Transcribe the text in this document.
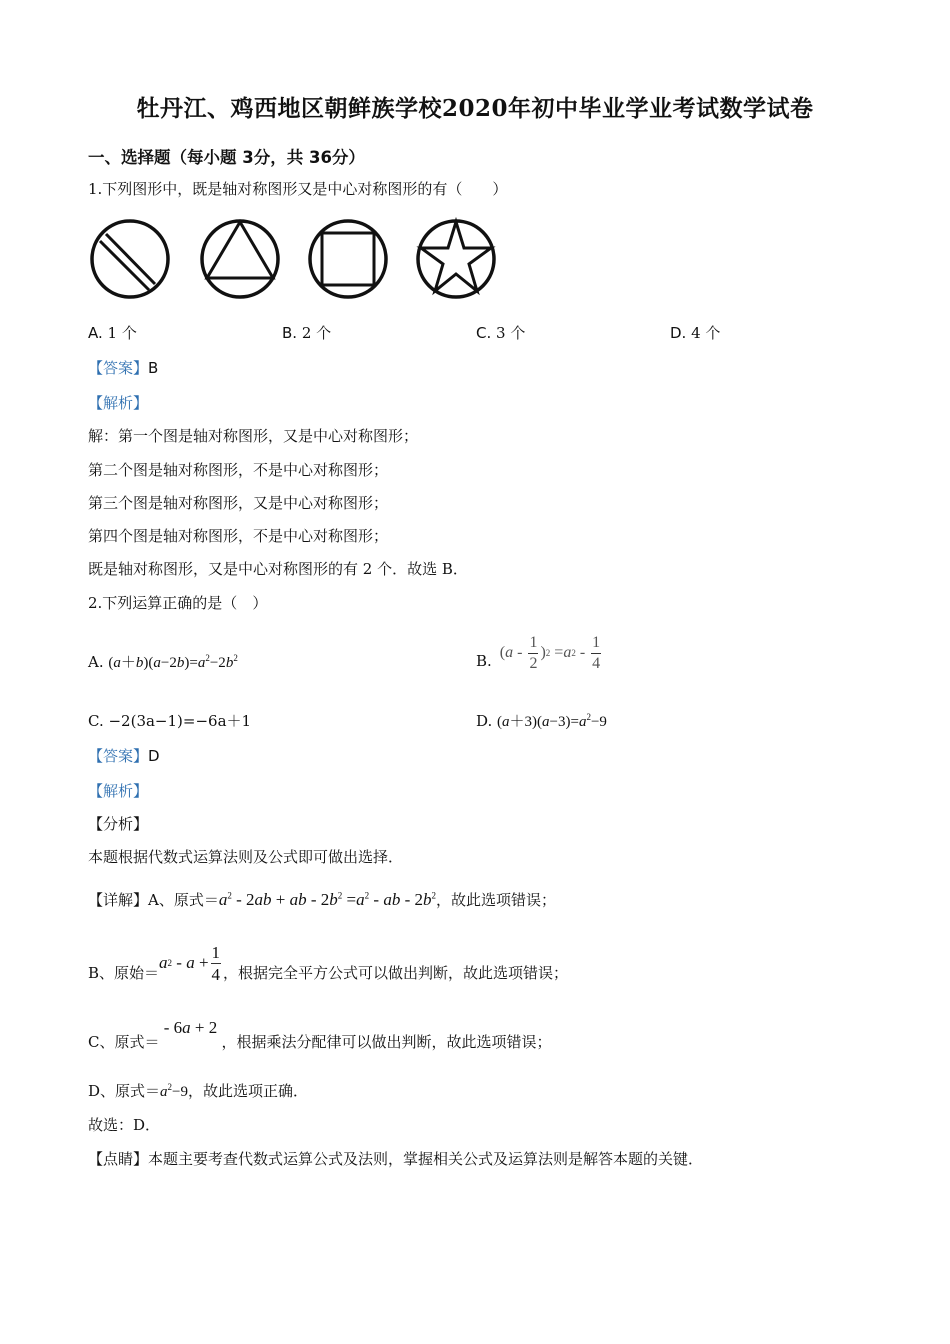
牡丹江、鸡西地区朝鲜族学校2020年初中毕业学业考试数学试卷
一、选择题（每小题 3分，共 36分）
1.下列图形中，既是轴对称图形又是中心对称图形的有（　　）
A. 1 个	B. 2 个	C. 3 个	D. 4 个
【答案】B
【解析】
解：第一个图是轴对称图形，又是中心对称图形；
第二个图是轴对称图形，不是中心对称图形；
第三个图是轴对称图形，又是中心对称图形；
第四个图是轴对称图形，不是中心对称图形；
既是轴对称图形，又是中心对称图形的有 2 个．故选 B．
2.下列运算正确的是（　）
A. $(a+b)(a-2b)=a^2-2b^2$	B. ( a - $\frac{1}{2}$ ) 2 = a $2 - \frac{1}{4}$
C. −2(3a−1)=−6a＋1	D. $(a+3)(a-3)=a^2-9$
【答案】D
【解析】
【分析】
本题根据代数式运算法则及公式即可做出选择．
【详解】A、原式$=a^2 - 2ab$ + ab - $2b^2 =a^2$ - ab - $2b^2$，故此选项错误；
B、原始＝
a $2 - a + \frac{1}{4}$ ，根据完全平方公式可以做出判断，故此选项错误；
C、原式＝
- 6a + 2
，根据乘法分配律可以做出判断，故此选项错误；
D、原式$=a^2-9$，故此选项正确．
故选：D．
【点睛】本题主要考查代数式运算公式及法则，掌握相关公式及运算法则是解答本题的关键．
